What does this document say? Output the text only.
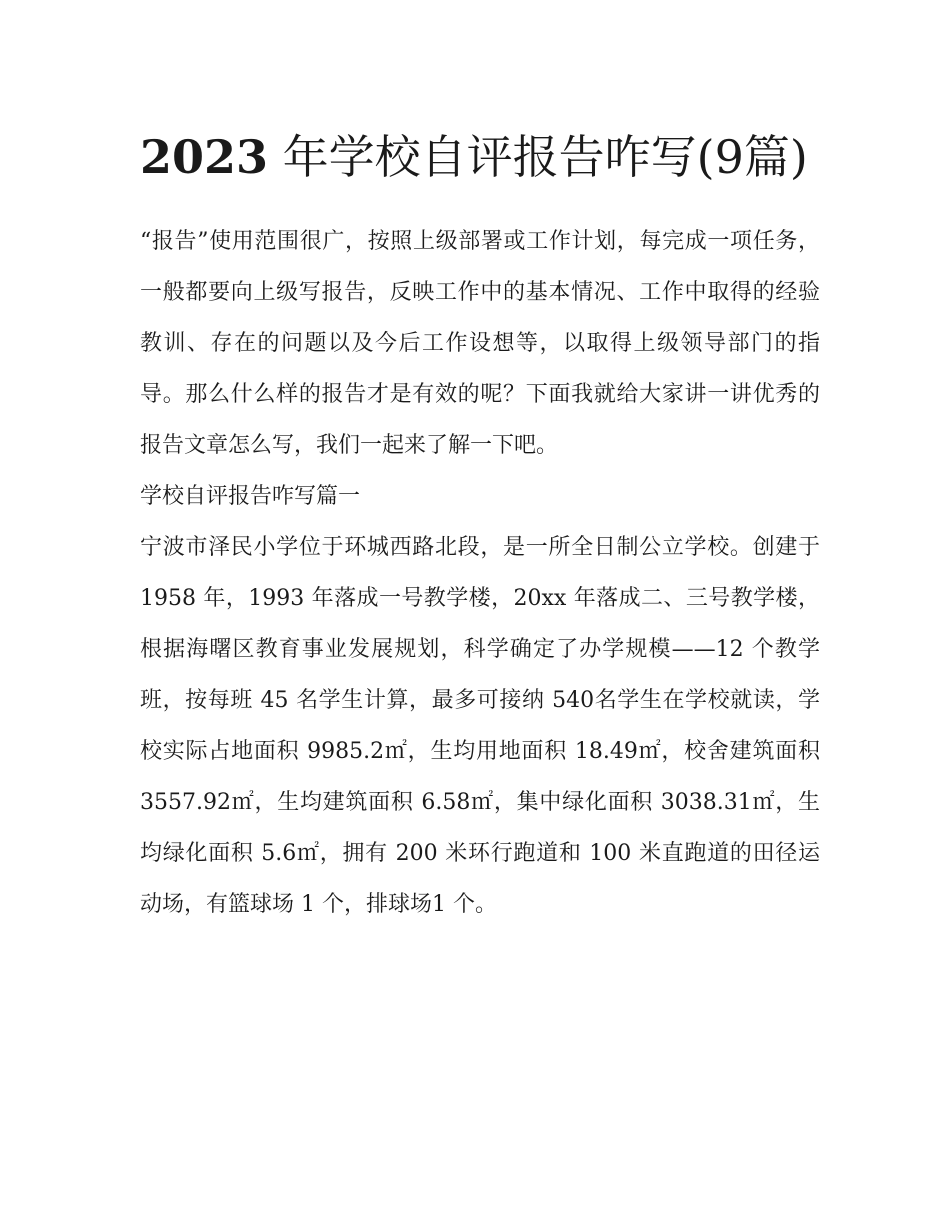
2023 年学校自评报告咋写(9篇)

“报告”使用范围很广，按照上级部署或工作计划，每完成一项任务，一般都要向上级写报告，反映工作中的基本情况、工作中取得的经验教训、存在的问题以及今后工作设想等，以取得上级领导部门的指导。那么什么样的报告才是有效的呢？下面我就给大家讲一讲优秀的报告文章怎么写，我们一起来了解一下吧。

学校自评报告咋写篇一

宁波市泽民小学位于环城西路北段，是一所全日制公立学校。创建于 1958 年，1993 年落成一号教学楼，20xx 年落成二、三号教学楼，根据海曙区教育事业发展规划，科学确定了办学规模——12 个教学班，按每班 45 名学生计算，最多可接纳 540名学生在学校就读，学校实际占地面积 9985.2㎡，生均用地面积 18.49㎡，校舍建筑面积 3557.92㎡，生均建筑面积 6.58㎡，集中绿化面积 3038.31㎡，生均绿化面积 5.6㎡，拥有 200 米环行跑道和 100 米直跑道的田径运动场，有篮球场 1 个，排球场1 个。
